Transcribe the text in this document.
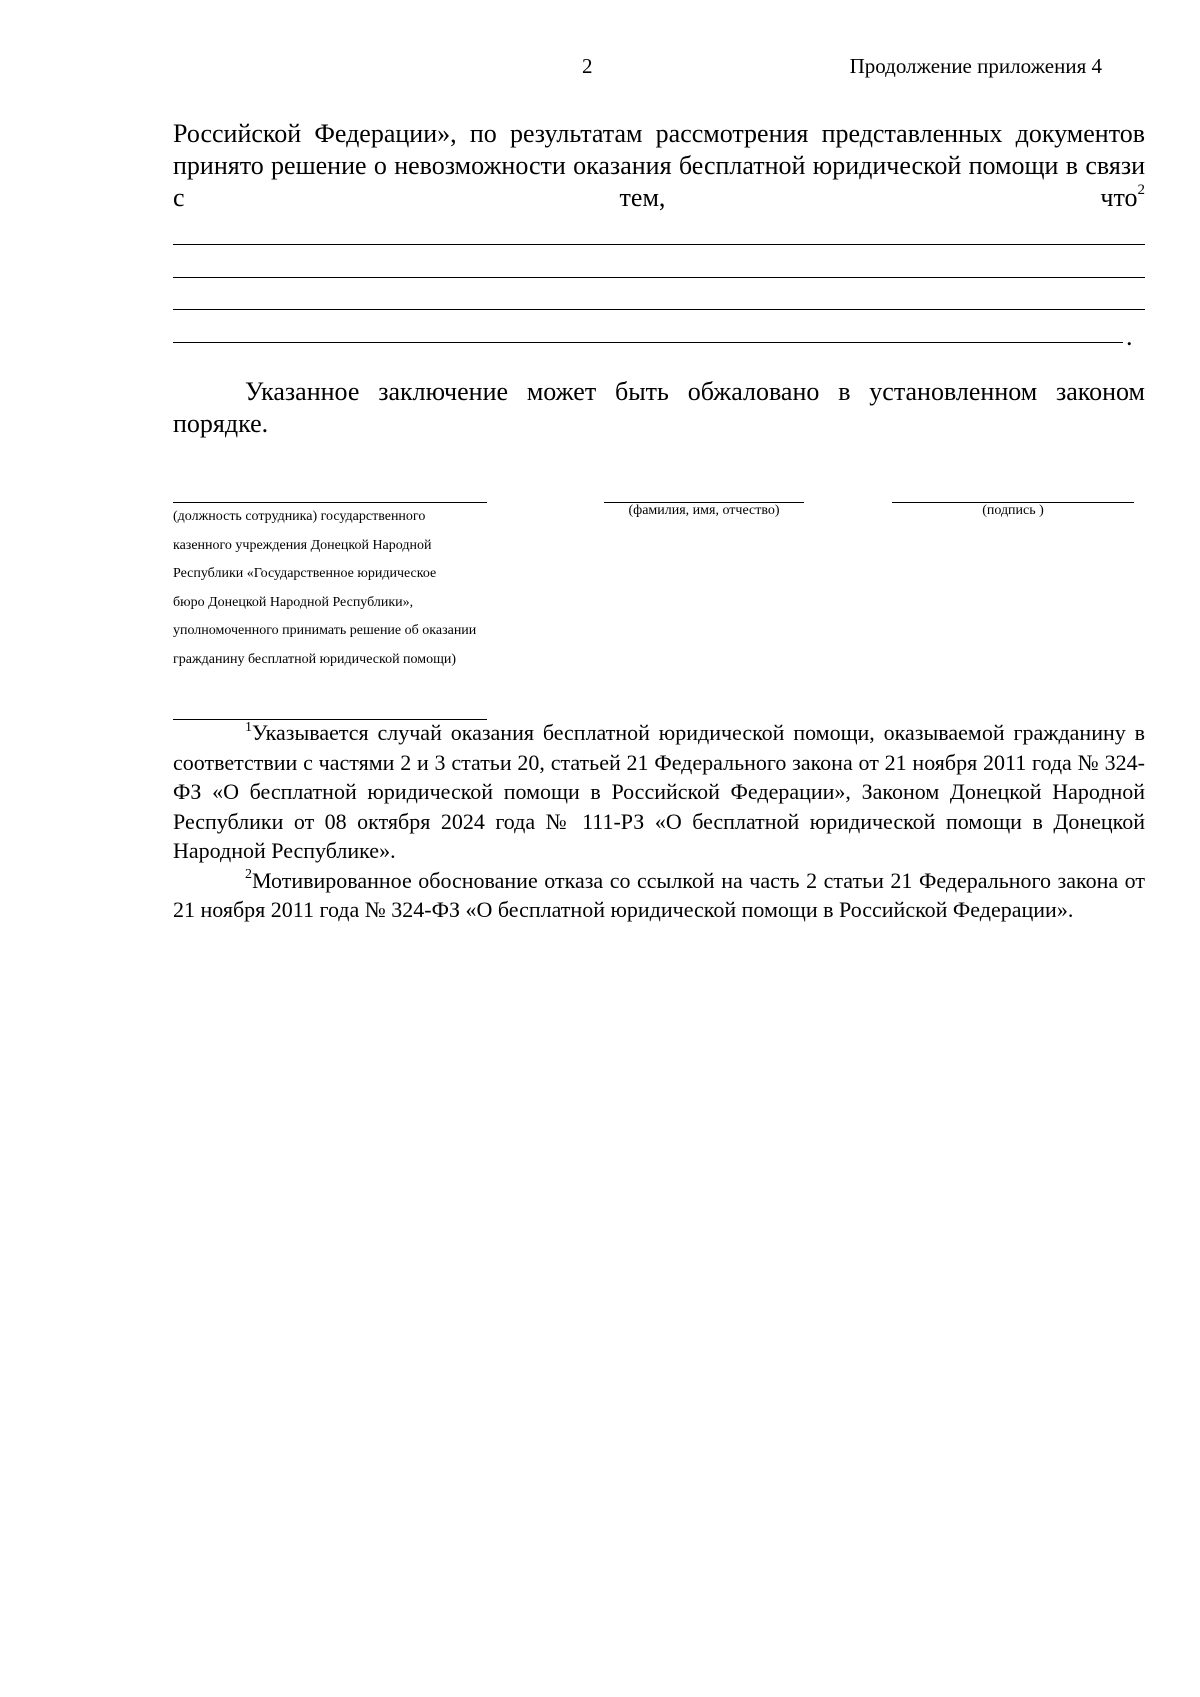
2	Продолжение приложения 4
Российской Федерации», по результатам рассмотрения представленных документов принято решение о невозможности оказания бесплатной юридической помощи в связи с тем, что$^2$
.
Указанное заключение может быть обжаловано в установленном законом порядке.
(должность сотрудника) государственного
казенного учреждения Донецкой Народной
Республики «Государственное юридическое
бюро Донецкой Народной Республики»,
уполномоченного принимать решение об оказании
гражданину бесплатной юридической помощи)
(фамилия, имя, отчество)	(подпись )

$^1$Указывается случай оказания бесплатной юридической помощи, оказываемой гражданину в соответствии с частями 2 и 3 статьи 20, статьей 21 Федерального закона от 21 ноября 2011 года № 324-ФЗ «О бесплатной юридической помощи в Российской Федерации», Законом Донецкой Народной Республики от 08 октября 2024 года № 111-РЗ «О бесплатной юридической помощи в Донецкой Народной Республике».

$^2$Мотивированное обоснование отказа со ссылкой на часть 2 статьи 21 Федерального закона от 21 ноября 2011 года № 324-ФЗ «О бесплатной юридической помощи в Российской Федерации».
